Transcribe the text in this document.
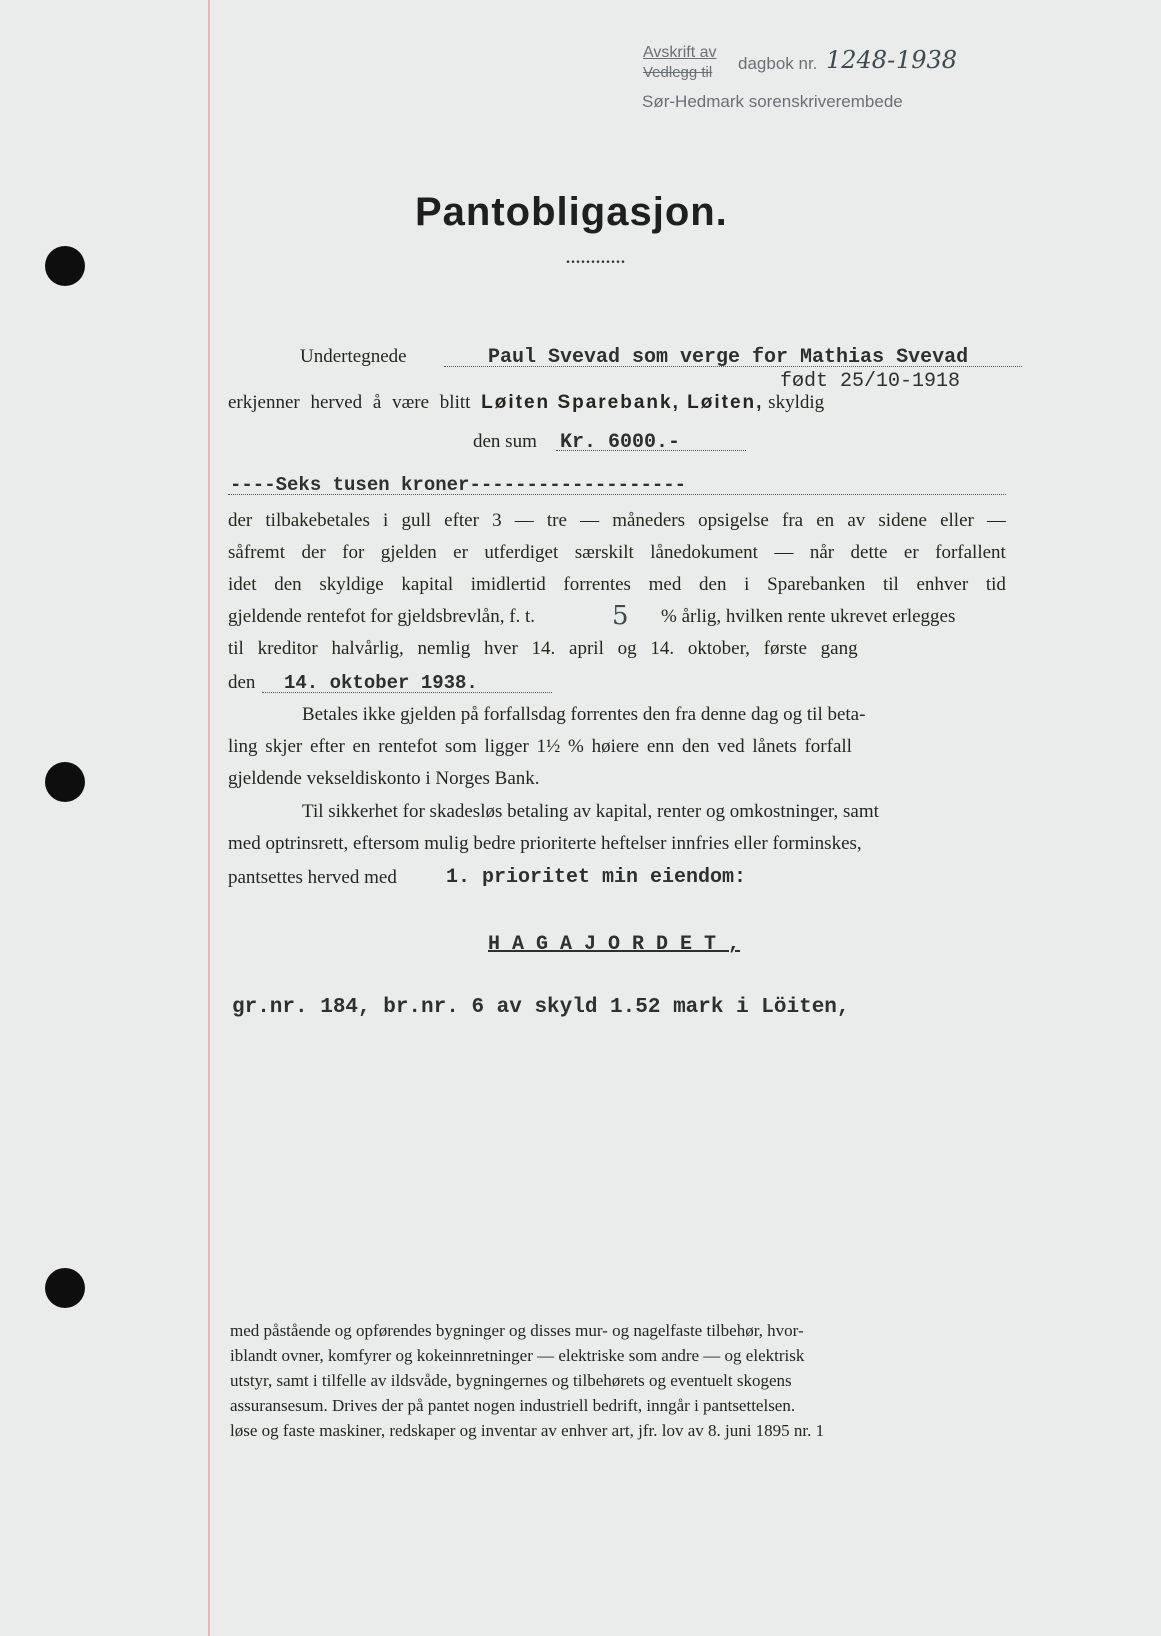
Avskrift av
Vedlegg til dagbok nr. 1248- 1938
Sør-Hedmark sorenskriverembede
Pantobligasjon.
............
Undertegnede	Paul Svevad som verge for Mathias Svevad
født 25/10-1918
erkjenner herved å være blitt Løiten Sparebank, Løiten, skyldig
den sum Kr. 6000.-
----Seks tusen kroner-------------------
der tilbakebetales i gull efter 3 — tre — måneders opsigelse fra en av sidene eller —
såfremt der for gjelden er utferdiget særskilt lånedokument — når dette er forfallent
idet den skyldige kapital imidlertid forrentes med den i Sparebanken til enhver tid
gjeldende rentefot for gjeldsbrevlån, f. t.	5 % årlig, hvilken rente ukrevet erlegges
til kreditor halvårlig, nemlig hver 14. april og 14. oktober, første gang
den 14. oktober 1938.
Betales ikke gjelden på forfallsdag forrentes den fra denne dag og til beta-
ling skjer efter en rentefot som ligger 1½ % høiere enn den ved lånets forfall
gjeldende vekseldiskonto i Norges Bank.
Til sikkerhet for skadesløs betaling av kapital, renter og omkostninger, samt
med optrinsrett, eftersom mulig bedre prioriterte heftelser innfries eller forminskes,
pantsettes herved med 1. prioritet min eiendom:
H A G A J O R D E T ,
gr.nr. 184, br.nr. 6 av skyld 1.52 mark i Löiten,
med påstående og opførendes bygninger og disses mur- og nagelfaste tilbehør, hvor-
iblandt ovner, komfyrer og kokeinnretninger — elektriske som andre — og elektrisk
utstyr, samt i tilfelle av ildsvåde, bygningernes og tilbehørets og eventuelt skogens
assuransesum. Drives der på pantet nogen industriell bedrift, inngår i pantsettelsen.
løse og faste maskiner, redskaper og inventar av enhver art, jfr. lov av 8. juni 1895 nr. 1
